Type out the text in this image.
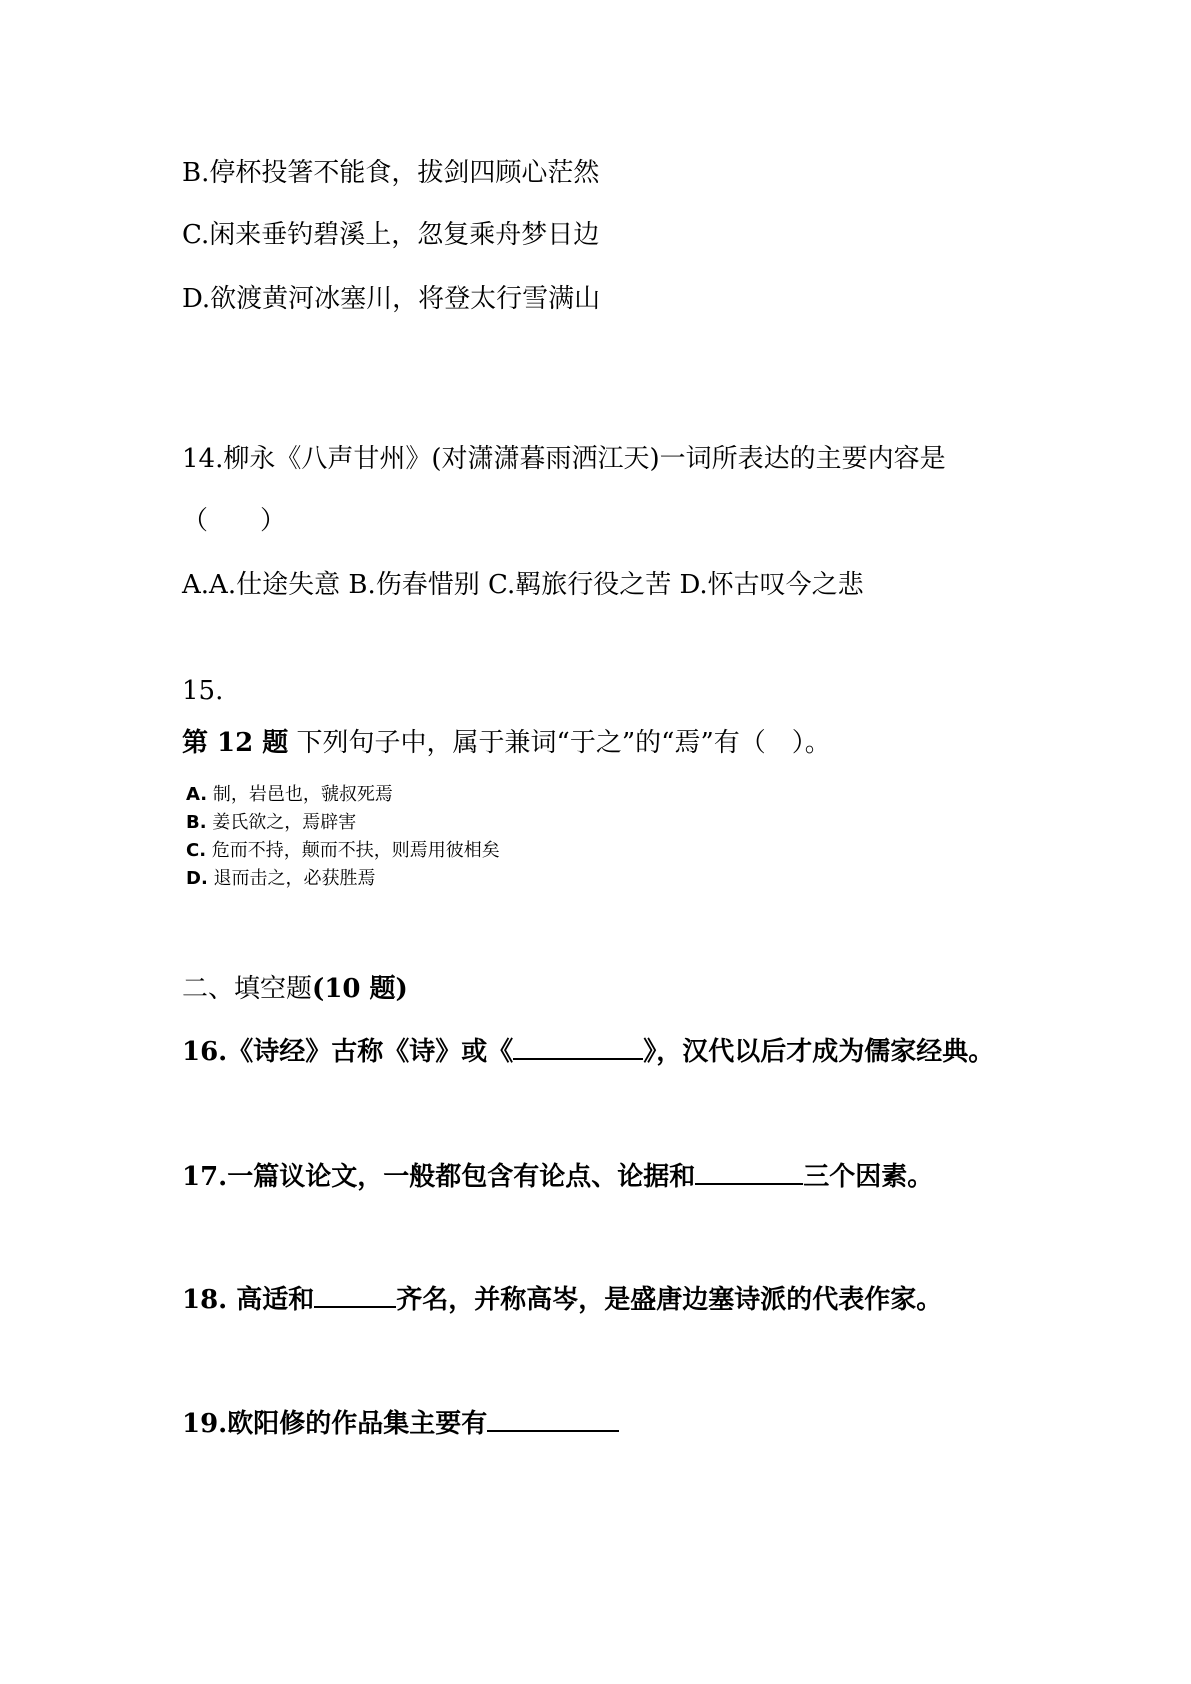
B.停杯投箸不能食，拔剑四顾心茫然
C.闲来垂钓碧溪上，忽复乘舟梦日边
D.欲渡黄河冰塞川，将登太行雪满山
14.柳永《八声甘州》(对潇潇暮雨洒江天)一词所表达的主要内容是
（　　）
A.A.仕途失意 B.伤春惜别 C.羁旅行役之苦 D.怀古叹今之悲
15.
第 12 题 下列句子中，属于兼词“于之”的“焉”有（　）。
A. 制，岩邑也，虢叔死焉
B. 姜氏欲之，焉辟害
C. 危而不持，颠而不扶，则焉用彼相矣
D. 退而击之，必获胜焉
二、填空题(10 题)
16.《诗经》古称《诗》或《	》，汉代以后才成为儒家经典。
17.一篇议论文，一般都包含有论点、论据和	三个因素。
18. 高适和	齐名，并称高岑，是盛唐边塞诗派的代表作家。
19.欧阳修的作品集主要有
